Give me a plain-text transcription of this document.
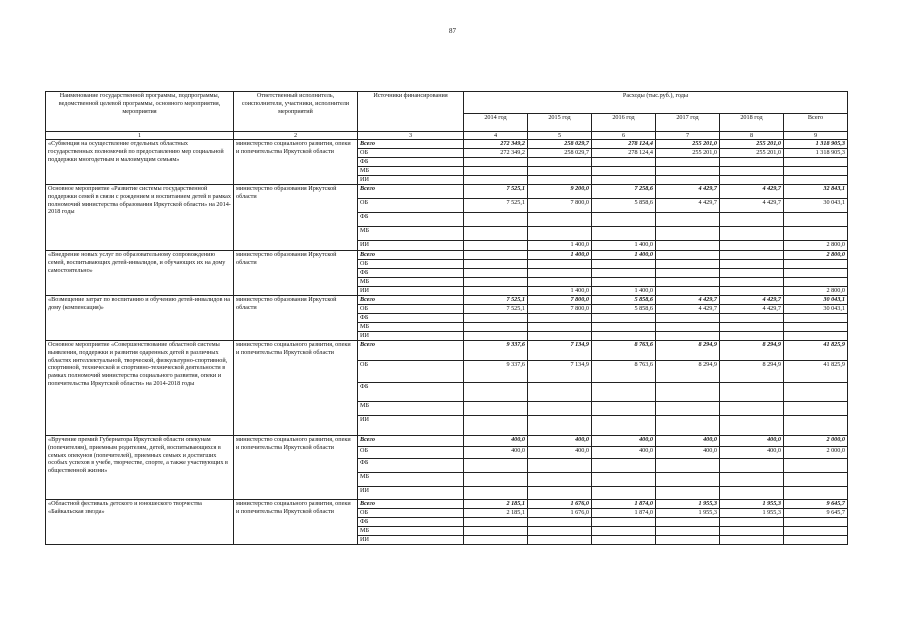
87
Наименование государственной программы, подпрограммы, ведомственной целевой программы, основного мероприятия, мероприятия	Ответственный исполнитель, соисполнители, участники, исполнители мероприятий	Источники финансирования	Расходы (тыс.руб.), годы					
			2014 год	2015 год	2016 год	2017 год	2018 год	Всего
1	2	3	4	5	6	7	8	9
«Субвенция на осуществление отдельных областных государственных полномочий по предоставлению мер социальной поддержки многодетным и малоимущим семьям»	министерство социального развития, опеки и попечительства Иркутской области	Всего	272 349,2	258 029,7	278 124,4	255 201,0	255 201,0	1 318 905,3
		ОБ	272 349,2	258 029,7	278 124,4	255 201,0	255 201,0	1 318 905,3
		ФБ						
		МБ						
		ИИ						
Основное мероприятие «Развитие системы государственной поддержки семей в связи с рождением и воспитанием детей в рамках полномочий министерства образования Иркутской области» на 2014-2018 годы	министерство образования Иркутской области	Всего	7 525,1	9 200,0	7 258,6	4 429,7	4 429,7	32 843,1
		ОБ	7 525,1	7 800,0	5 858,6	4 429,7	4 429,7	30 043,1
		ФБ						
		МБ						
		ИИ		1 400,0	1 400,0			2 800,0
«Внедрение новых услуг по образовательному сопровождению семей, воспитывающих детей-инвалидов, и обучающих их на дому самостоятельно»	министерство образования Иркутской области	Всего		1 400,0	1 400,0			2 800,0
		ОБ						
		ФБ						
		МБ						
		ИИ		1 400,0	1 400,0			2 800,0
«Возмещение затрат по воспитанию и обучению детей-инвалидов на дому (компенсация)»	министерство образования Иркутской области	Всего	7 525,1	7 800,0	5 858,6	4 429,7	4 429,7	30 043,1
		ОБ	7 525,1	7 800,0	5 858,6	4 429,7	4 429,7	30 043,1
		ФБ						
		МБ						
		ИИ						
Основное мероприятие «Совершенствование областной системы выявления, поддержки и развития одаренных детей в различных областях интеллектуальной, творческой, физкультурно-спортивной, спортивной, технической и спортивно-технической деятельности в рамках полномочий министерства социального развития, опеки и попечительства Иркутской области» на 2014-2018 годы	министерство социального развития, опеки и попечительства Иркутской области	Всего	9 337,6	7 134,9	8 763,6	8 294,9	8 294,9	41 825,9
		ОБ	9 337,6	7 134,9	8 763,6	8 294,9	8 294,9	41 825,9
		ФБ						
		МБ						
		ИИ						
«Вручение премий Губернатора Иркутской области опекунам (попечителям), приемным родителям, детей, воспитывающихся в семьях опекунов (попечителей), приемных семьях и достигших особых успехов в учебе, творчестве, спорте, а также участвующих в общественной жизни»	министерство социального развития, опеки и попечительства Иркутской области	Всего	400,0	400,0	400,0	400,0	400,0	2 000,0
		ОБ	400,0	400,0	400,0	400,0	400,0	2 000,0
		ФБ						
		МБ						
		ИИ						
«Областной фестиваль детского и юношеского творчества «Байкальская звезда»	министерство социального развития, опеки и попечительства Иркутской области	Всего	2 185,1	1 676,0	1 874,0	1 955,3	1 955,3	9 645,7
		ОБ	2 185,1	1 676,0	1 874,0	1 955,3	1 955,3	9 645,7
		ФБ						
		МБ						
		ИИ						
